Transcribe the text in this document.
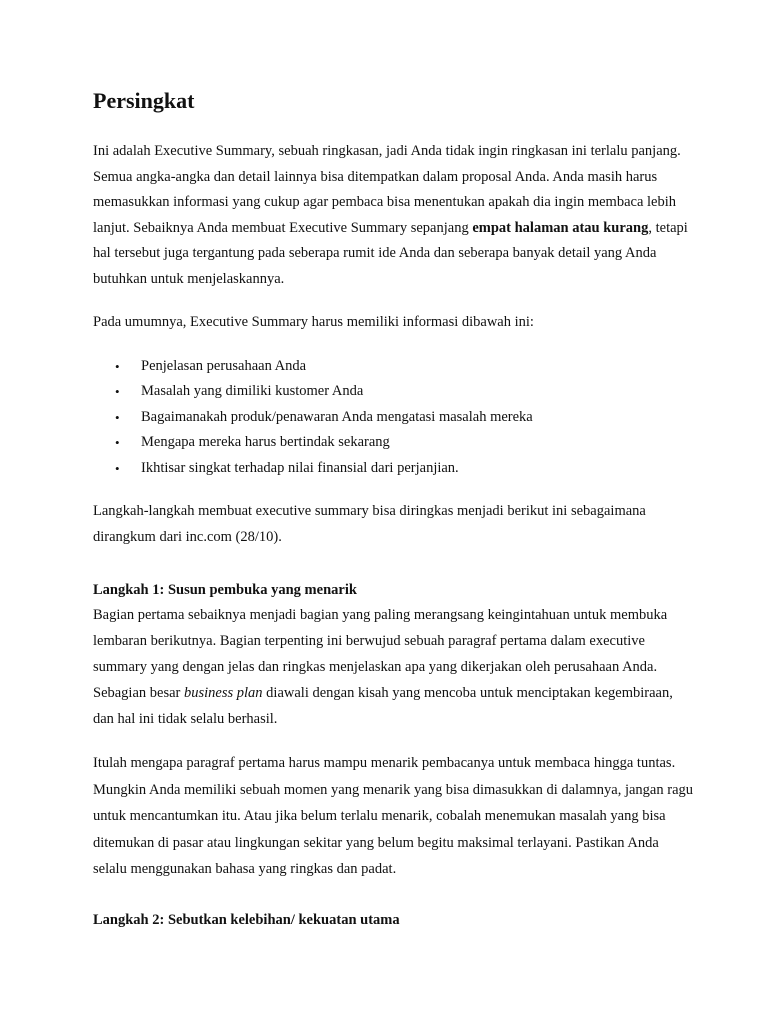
Persingkat

Ini adalah Executive Summary, sebuah ringkasan, jadi Anda tidak ingin ringkasan ini terlalu panjang. Semua angka-angka dan detail lainnya bisa ditempatkan dalam proposal Anda. Anda masih harus memasukkan informasi yang cukup agar pembaca bisa menentukan apakah dia ingin membaca lebih lanjut. Sebaiknya Anda membuat Executive Summary sepanjang empat halaman atau kurang, tetapi hal tersebut juga tergantung pada seberapa rumit ide Anda dan seberapa banyak detail yang Anda butuhkan untuk menjelaskannya.

Pada umumnya, Executive Summary harus memiliki informasi dibawah ini:

• Penjelasan perusahaan Anda
• Masalah yang dimiliki kustomer Anda
• Bagaimanakah produk/penawaran Anda mengatasi masalah mereka
• Mengapa mereka harus bertindak sekarang
• Ikhtisar singkat terhadap nilai finansial dari perjanjian.

Langkah-langkah membuat executive summary bisa diringkas menjadi berikut ini sebagaimana dirangkum dari inc.com (28/10).

Langkah 1: Susun pembuka yang menarik

Bagian pertama sebaiknya menjadi bagian yang paling merangsang keingintahuan untuk membuka lembaran berikutnya. Bagian terpenting ini berwujud sebuah paragraf pertama dalam executive summary yang dengan jelas dan ringkas menjelaskan apa yang dikerjakan oleh perusahaan Anda. Sebagian besar business plan diawali dengan kisah yang mencoba untuk menciptakan kegembiraan, dan hal ini tidak selalu berhasil.

Itulah mengapa paragraf pertama harus mampu menarik pembacanya untuk membaca hingga tuntas. Mungkin Anda memiliki sebuah momen yang menarik yang bisa dimasukkan di dalamnya, jangan ragu untuk mencantumkan itu. Atau jika belum terlalu menarik, cobalah menemukan masalah yang bisa ditemukan di pasar atau lingkungan sekitar yang belum begitu maksimal terlayani. Pastikan Anda selalu menggunakan bahasa yang ringkas dan padat.

Langkah 2: Sebutkan kelebihan/ kekuatan utama
